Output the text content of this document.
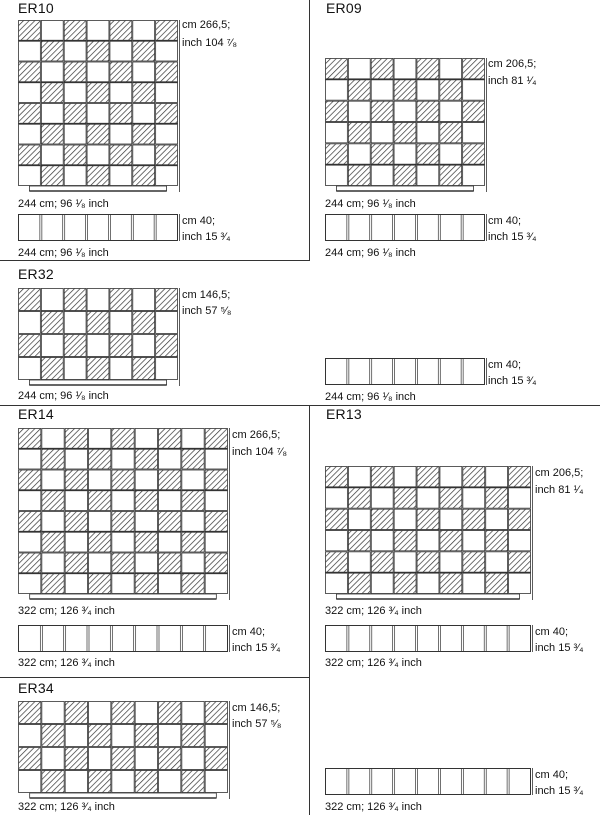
ER10
cm 266,5;
inch 104 ⁷⁄₈
244 cm; 96 ¹⁄₈ inch
cm 40;
inch 15 ³⁄₄
244 cm; 96 ¹⁄₈ inch
ER09
cm 206,5;
inch 81 ¹⁄₄
244 cm; 96 ¹⁄₈ inch
cm 40;
inch 15 ³⁄₄
244 cm; 96 ¹⁄₈ inch
ER32
cm 146,5;
inch 57 ⁵⁄₈
244 cm; 96 ¹⁄₈ inch
cm 40;
inch 15 ³⁄₄
244 cm; 96 ¹⁄₈ inch
ER14
cm 266,5;
inch 104 ⁷⁄₈
322 cm; 126 ³⁄₄ inch
cm 40;
inch 15 ³⁄₄
322 cm; 126 ³⁄₄ inch
ER13
cm 206,5;
inch 81 ¹⁄₄
322 cm; 126 ³⁄₄ inch
cm 40;
inch 15 ³⁄₄
322 cm; 126 ³⁄₄ inch
ER34
cm 146,5;
inch 57 ⁵⁄₈
322 cm; 126 ³⁄₄ inch
cm 40;
inch 15 ³⁄₄
322 cm; 126 ³⁄₄ inch
